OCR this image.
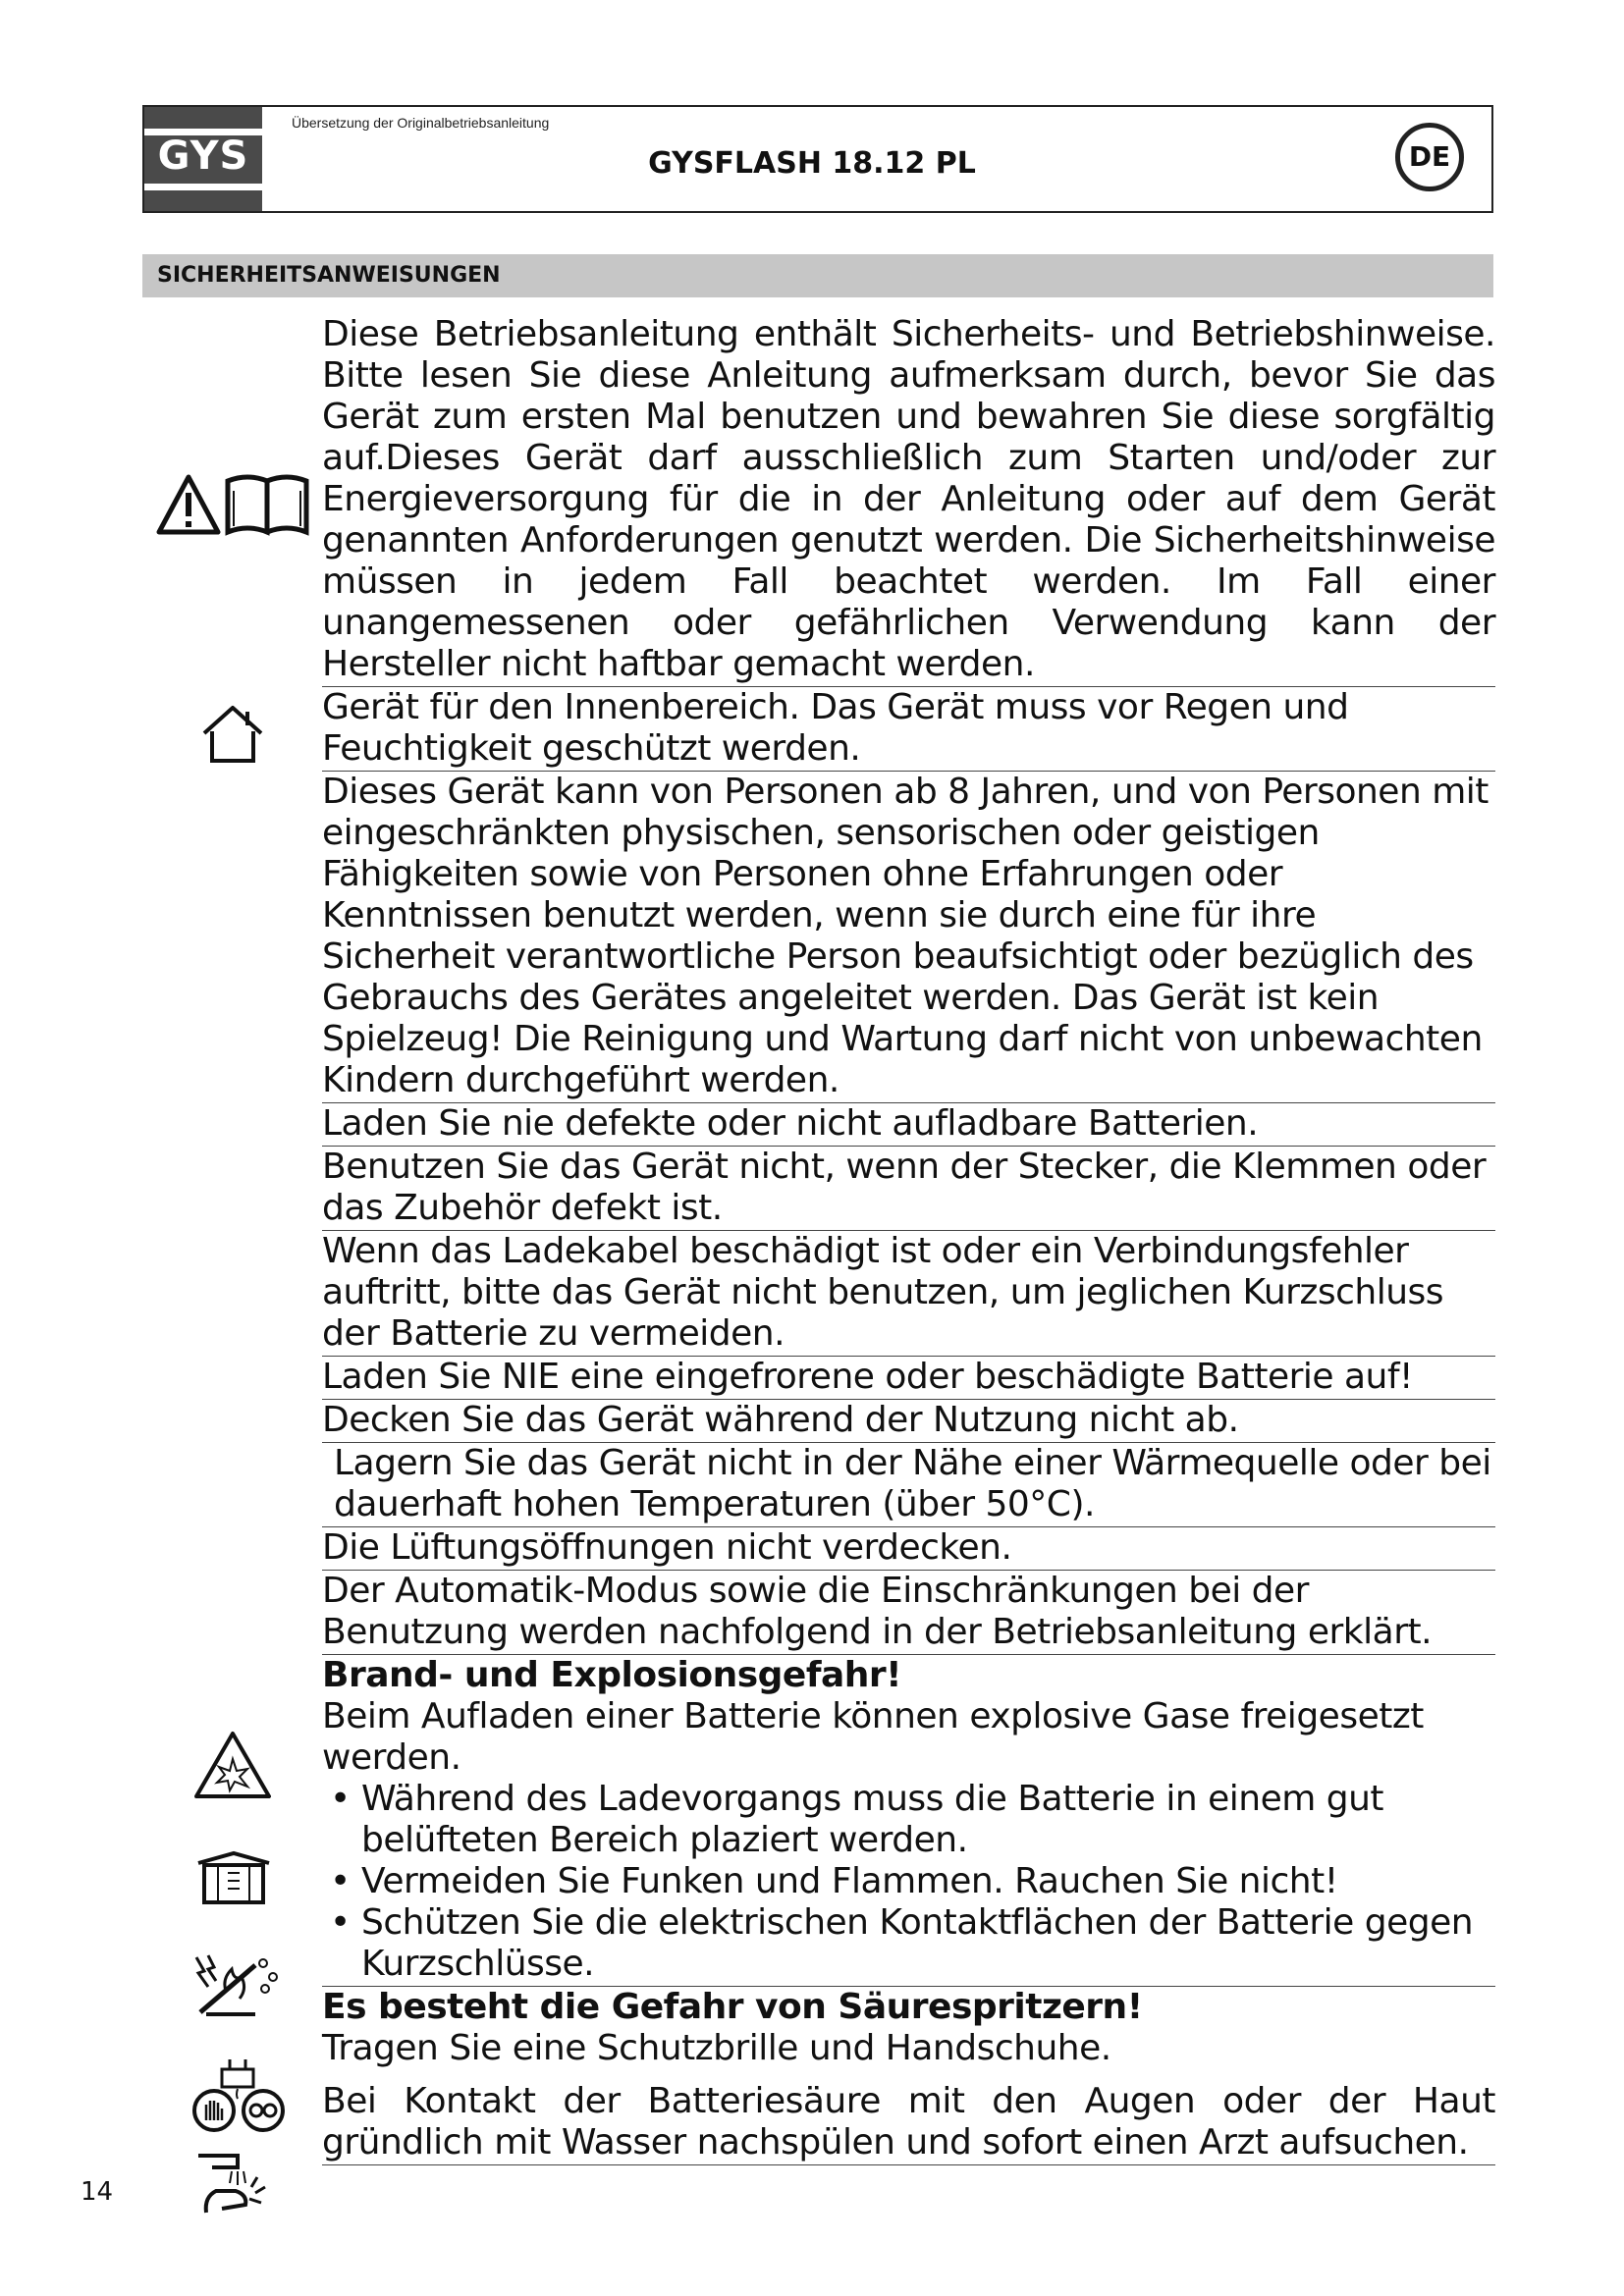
GYS
Übersetzung der Originalbetriebsanleitung
GYSFLASH 18.12 PL	DE
SICHERHEITSANWEISUNGEN

Diese Betriebsanleitung enthält Sicherheits- und Betriebshinweise. Bitte lesen Sie diese Anleitung aufmerksam durch, bevor Sie das Gerät zum ersten Mal benutzen und bewahren Sie diese sorgfältig auf.Dieses Gerät darf ausschließlich zum Starten und/oder zur Energieversorgung für die in der Anleitung oder auf dem Gerät genannten Anforderungen genutzt werden. Die Sicherheitshinweise müssen in jedem Fall beachtet werden. Im Fall einer unangemessenen oder gefährlichen Verwendung kann der Hersteller nicht haftbar gemacht werden.

Gerät für den Innenbereich. Das Gerät muss vor Regen und Feuchtigkeit geschützt werden.

Dieses Gerät kann von Personen ab 8 Jahren, und von Personen mit eingeschränkten physischen, sensorischen oder geistigen Fähigkeiten sowie von Personen ohne Erfahrungen oder Kenntnissen benutzt werden, wenn sie durch eine für ihre Sicherheit verantwortliche Person beaufsichtigt oder bezüglich des Gebrauchs des Gerätes angeleitet werden. Das Gerät ist kein Spielzeug! Die Reinigung und Wartung darf nicht von unbewachten Kindern durchgeführt werden.

Laden Sie nie defekte oder nicht aufladbare Batterien.

Benutzen Sie das Gerät nicht, wenn der Stecker, die Klemmen oder das Zubehör defekt ist.

Wenn das Ladekabel beschädigt ist oder ein Verbindungsfehler auftritt, bitte das Gerät nicht benutzen, um jeglichen Kurzschluss der Batterie zu vermeiden.

Laden Sie NIE eine eingefrorene oder beschädigte Batterie auf!

Decken Sie das Gerät während der Nutzung nicht ab.

Lagern Sie das Gerät nicht in der Nähe einer Wärmequelle oder bei dauerhaft hohen Temperaturen (über 50°C).

Die Lüftungsöffnungen nicht verdecken.

Der Automatik-Modus sowie die Einschränkungen bei der Benutzung werden nachfolgend in der Betriebsanleitung erklärt.

Brand- und Explosionsgefahr!

Beim Aufladen einer Batterie können explosive Gase freigesetzt werden.

• Während des Ladevorgangs muss die Batterie in einem gut belüfteten Bereich plaziert werden.
• Vermeiden Sie Funken und Flammen. Rauchen Sie nicht!
• Schützen Sie die elektrischen Kontaktflächen der Batterie gegen Kurzschlüsse.

Es besteht die Gefahr von Säurespritzern!

Tragen Sie eine Schutzbrille und Handschuhe.

Bei Kontakt der Batteriesäure mit den Augen oder der Haut gründlich mit Wasser nachspülen und sofort einen Arzt aufsuchen.

14
